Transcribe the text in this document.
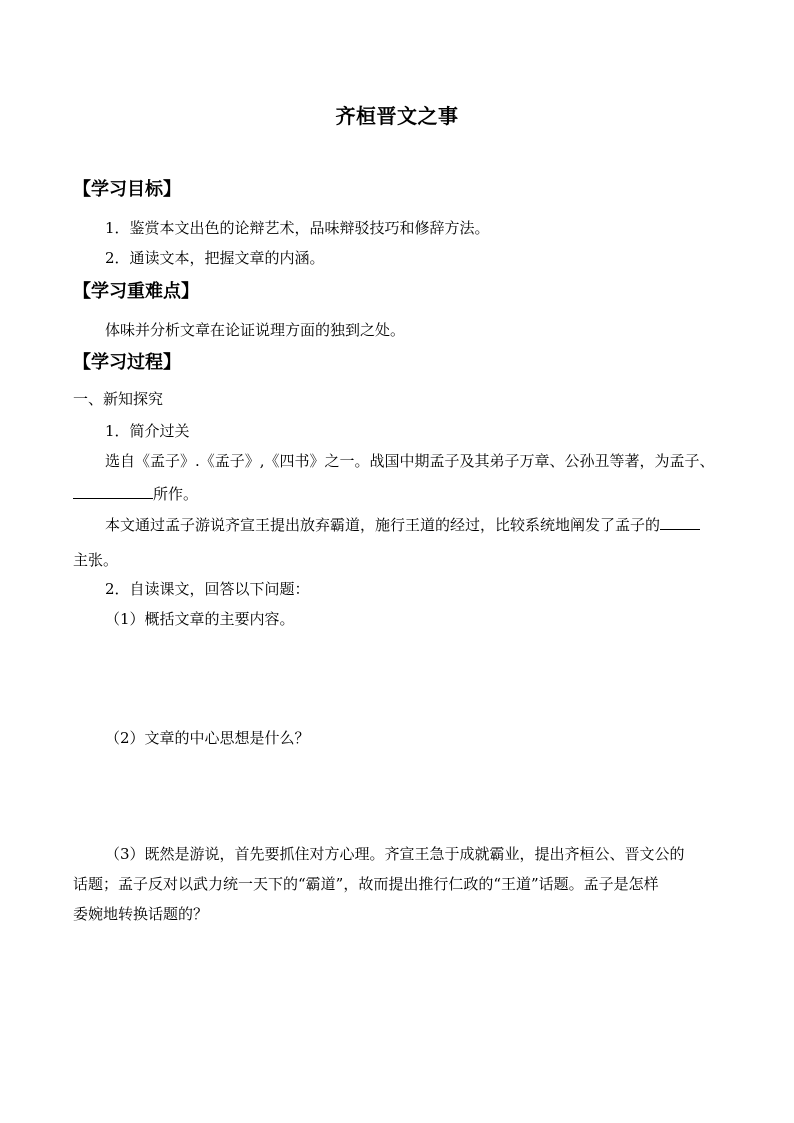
齐桓晋文之事
【学习目标】
1．鉴赏本文出色的论辩艺术，品味辩驳技巧和修辞方法。
2．通读文本，把握文章的内涵。
【学习重难点】
体味并分析文章在论证说理方面的独到之处。
【学习过程】
一、新知探究
1．简介过关
选自《孟子》.《孟子》,《四书》之一。战国中期孟子及其弟子万章、公孙丑等著，为孟子、
所作。
本文通过孟子游说齐宣王提出放弃霸道，施行王道的经过，比较系统地阐发了孟子的
主张。
2．自读课文，回答以下问题：
（1）概括文章的主要内容。
（2）文章的中心思想是什么？
（3）既然是游说，首先要抓住对方心理。齐宣王急于成就霸业，提出齐桓公、晋文公的
话题；孟子反对以武力统一天下的“霸道”，故而提出推行仁政的“王道”话题。孟子是怎样
委婉地转换话题的？
